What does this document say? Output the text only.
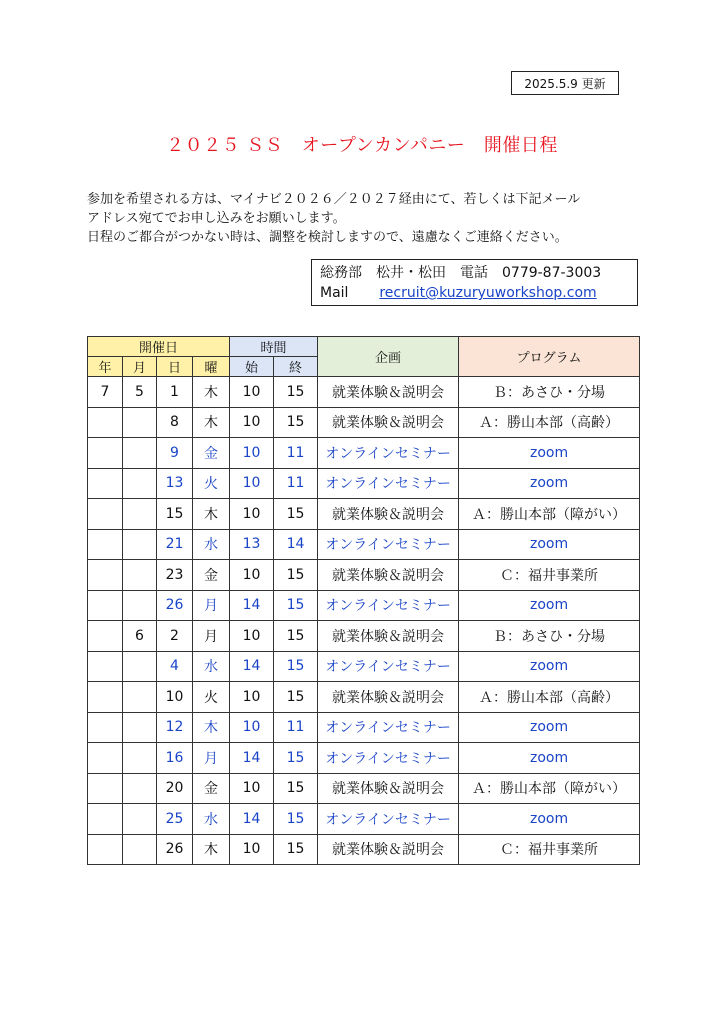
2025.5.9 更新
２０２５ ＳＳ　オープンカンパニー　開催日程
参加を希望される方は、マイナビ２０２６／２０２７経由にて、若しくは下記メール
アドレス宛てでお申し込みをお願いします。
日程のご都合がつかない時は、調整を検討しますので、遠慮なくご連絡ください。
総務部　松井・松田　電話　0779-87-3003
Mail recruit@kuzuryuworkshop.com
開催日				時間		企画	プログラム
年	月	日	曜	始	終		
7	5	1	木	10	15	就業体験＆説明会	Ｂ：あさひ・分場
		8	木	10	15	就業体験＆説明会	Ａ：勝山本部（高齢）
		9	金	10	11	オンラインセミナー	zoom
		13	火	10	11	オンラインセミナー	zoom
		15	木	10	15	就業体験＆説明会	Ａ：勝山本部（障がい）
		21	水	13	14	オンラインセミナー	zoom
		23	金	10	15	就業体験＆説明会	Ｃ：福井事業所
		26	月	14	15	オンラインセミナー	zoom
	6	2	月	10	15	就業体験＆説明会	Ｂ：あさひ・分場
		4	水	14	15	オンラインセミナー	zoom
		10	火	10	15	就業体験＆説明会	Ａ：勝山本部（高齢）
		12	木	10	11	オンラインセミナー	zoom
		16	月	14	15	オンラインセミナー	zoom
		20	金	10	15	就業体験＆説明会	Ａ：勝山本部（障がい）
		25	水	14	15	オンラインセミナー	zoom
		26	木	10	15	就業体験＆説明会	Ｃ：福井事業所
